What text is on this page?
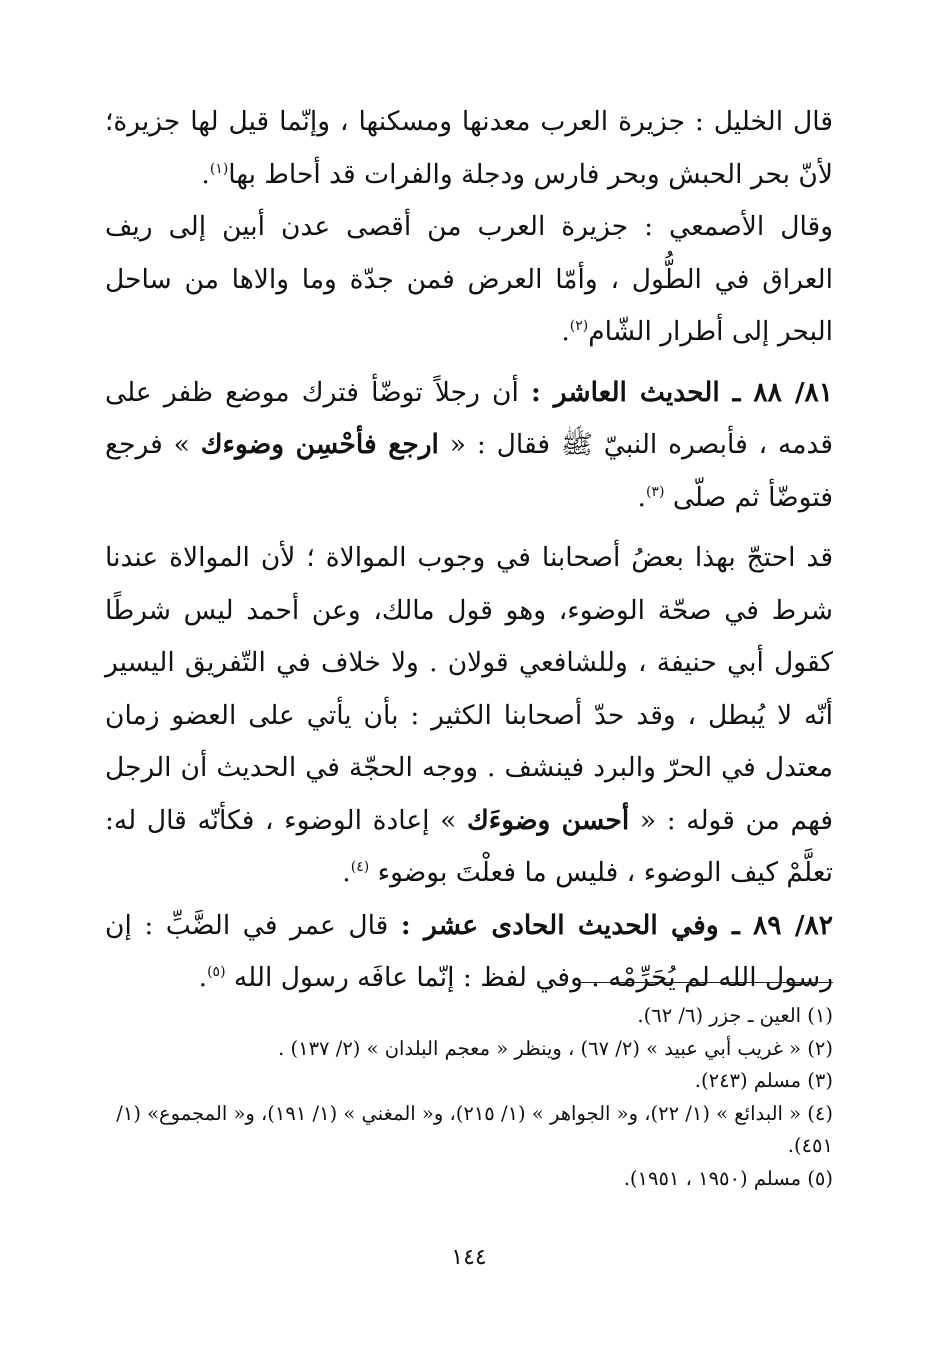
قال الخليل : جزيرة العرب معدنها ومسكنها ، وإنّما قيل لها جزيرة؛ لأنّ بحر الحبش وبحر فارس ودجلة والفرات قد أحاط بها$^{(١)}$.

وقال الأصمعي : جزيرة العرب من أقصى عدن أبين إلى ريف العراق في الطُّول ، وأمّا العرض فمن جدّة وما والاها من ساحل البحر إلى أطرار الشّام$^{(٢)}$.

٨١/ ٨٨ ـ الحديث العاشر : أن رجلاً توضّأ فترك موضع ظفر على قدمه ، فأبصره النبيّ ﷺ فقال : « ارجع فأحْسِن وضوءك » فرجع فتوضّأ ثم صلّى $^{(٣)}$.

قد احتجّ بهذا بعضُ أصحابنا في وجوب الموالاة ؛ لأن الموالاة عندنا شرط في صحّة الوضوء، وهو قول مالك، وعن أحمد ليس شرطًا كقول أبي حنيفة ، وللشافعي قولان . ولا خلاف في التّفريق اليسير أنّه لا يُبطل ، وقد حدّ أصحابنا الكثير : بأن يأتي على العضو زمان معتدل في الحرّ والبرد فينشف . ووجه الحجّة في الحديث أن الرجل فهم من قوله : « أحسن وضوءَك » إعادة الوضوء ، فكأنّه قال له: تعلَّمْ كيف الوضوء ، فليس ما فعلْتَ بوضوء $^{(٤)}$.

٨٢/ ٨٩ ـ وفي الحديث الحادى عشر : قال عمر في الضَّبِّ : إن رسول الله لم يُحَرِّمْه . وفي لفظ : إنّما عافَه رسول الله $^{(٥)}$.

(١) العين ـ جزر (٦/ ٦٢).

(٢) « غريب أبي عبيد » (٢/ ٦٧) ، وينظر « معجم البلدان » (٢/ ١٣٧) .

(٣) مسلم (٢٤٣).

(٤) « البدائع » (١/ ٢٢)، و« الجواهر » (١/ ٢١٥)، و« المغني » (١/ ١٩١)، و« المجموع» (١/ ٤٥١).

(٥) مسلم (١٩٥٠ ، ١٩٥١).

١٤٤
